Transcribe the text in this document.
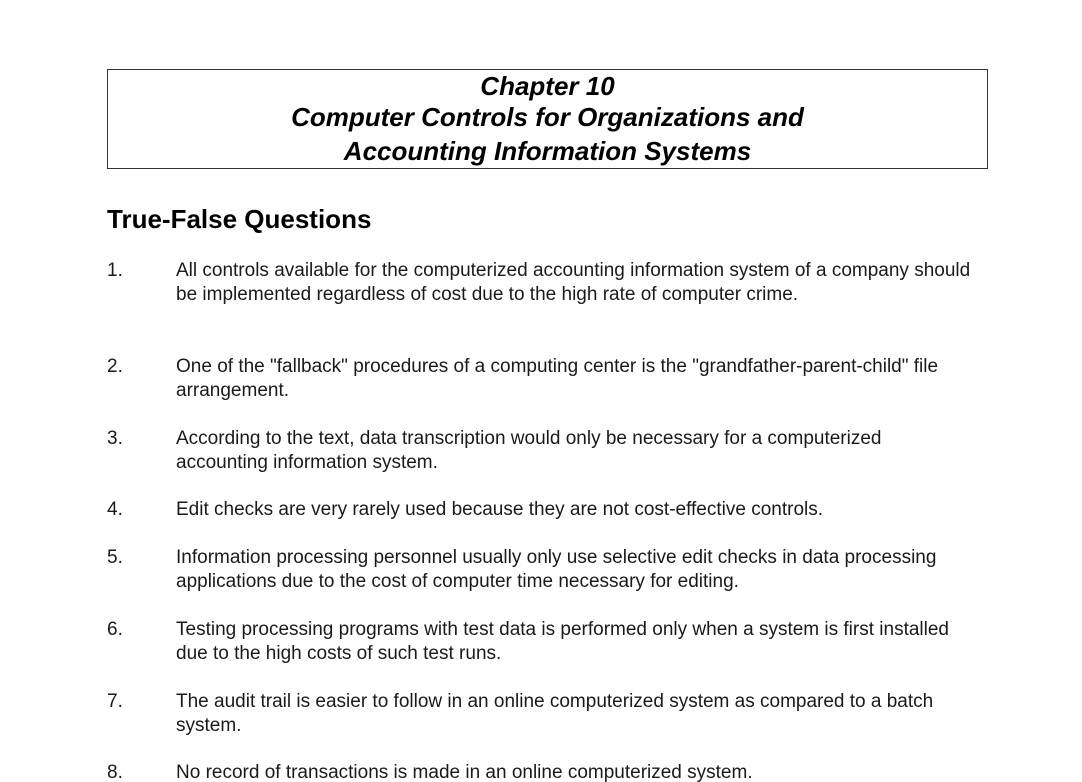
Chapter 10
Computer Controls for Organizations and
Accounting Information Systems
True-False Questions
1.	All controls available for the computerized accounting information system of a company should be implemented regardless of cost due to the high rate of computer crime.
2.	One of the "fallback" procedures of a computing center is the "grandfather-parent-child" file arrangement.
3.	According to the text, data transcription would only be necessary for a computerized accounting information system.
4.	Edit checks are very rarely used because they are not cost-effective controls.
5.	Information processing personnel usually only use selective edit checks in data processing applications due to the cost of computer time necessary for editing.
6.	Testing processing programs with test data is performed only when a system is first installed due to the high costs of such test runs.
7.	The audit trail is easier to follow in an online computerized system as compared to a batch system.
8.	No record of transactions is made in an online computerized system.
